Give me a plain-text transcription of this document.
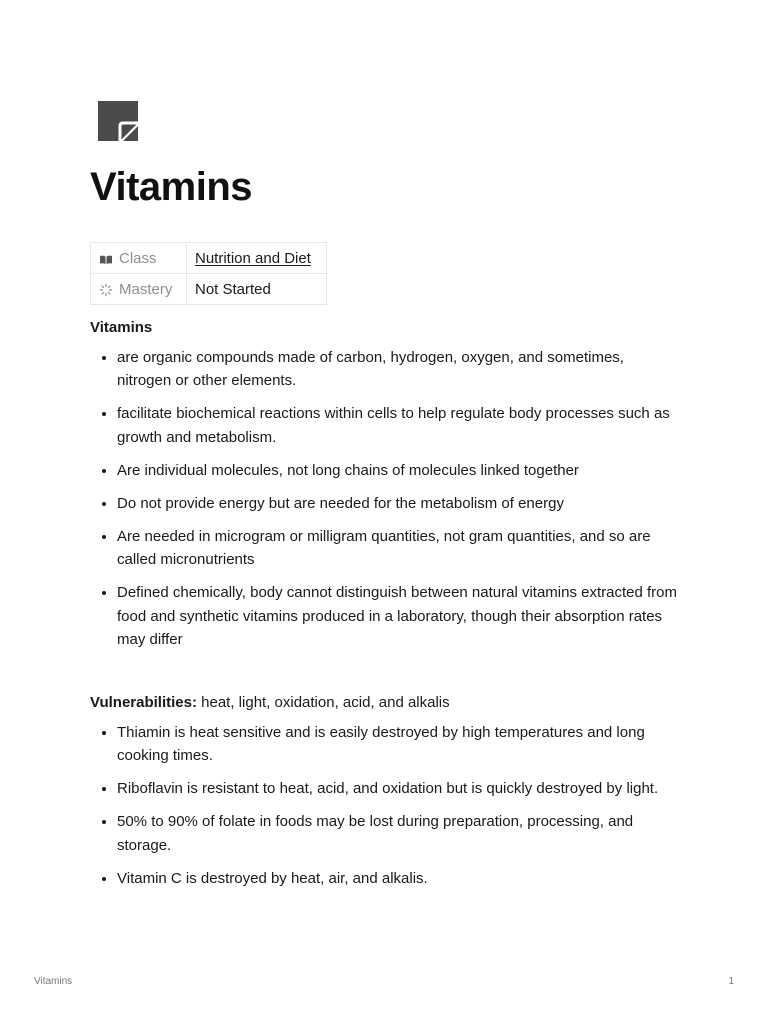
Vitamins
Class	Nutrition and Diet
Mastery	Not Started

Vitamins

• are organic compounds made of carbon, hydrogen, oxygen, and sometimes, nitrogen or other elements.
• facilitate biochemical reactions within cells to help regulate body processes such as growth and metabolism.
• Are individual molecules, not long chains of molecules linked together
• Do not provide energy but are needed for the metabolism of energy
• Are needed in microgram or milligram quantities, not gram quantities, and so are called micronutrients
• Defined chemically, body cannot distinguish between natural vitamins extracted from food and synthetic vitamins produced in a laboratory, though their absorption rates may differ

Vulnerabilities: heat, light, oxidation, acid, and alkalis

• Thiamin is heat sensitive and is easily destroyed by high temperatures and long cooking times.
• Riboflavin is resistant to heat, acid, and oxidation but is quickly destroyed by light.
• 50% to 90% of folate in foods may be lost during preparation, processing, and storage.
• Vitamin C is destroyed by heat, air, and alkalis.
Vitamins	1
